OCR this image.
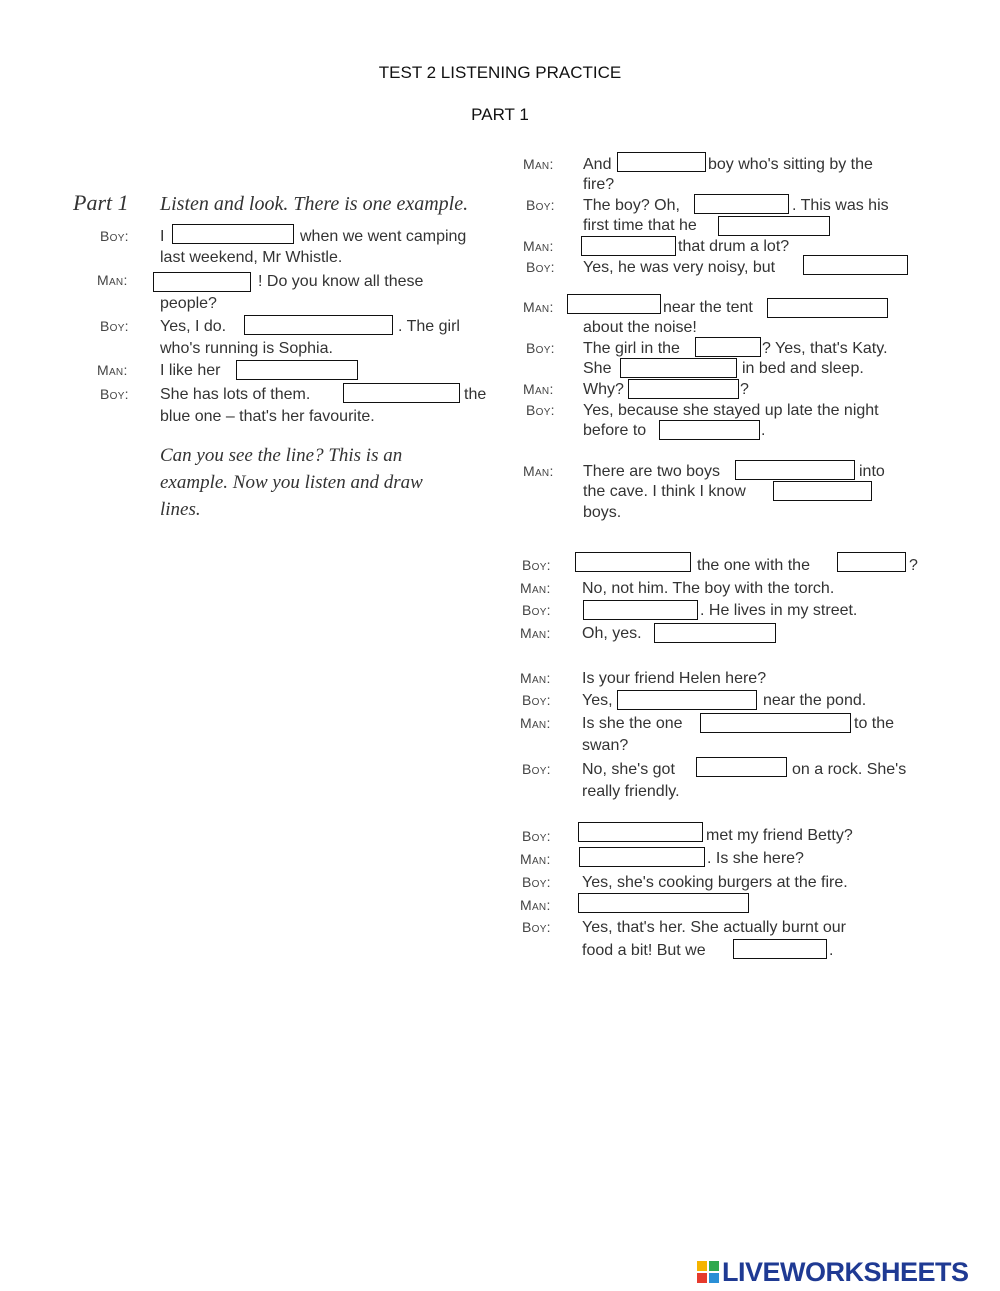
TEST 2 LISTENING PRACTICE
PART 1
Part 1 Listen and look. There is one example.
Boy: I	when we went camping
last weekend, Mr Whistle.
Man:	! Do you know all these
people?
Boy: Yes, I do.	. The girl
who's running is Sophia.
Man: I like her
Boy: She has lots of them.	the
blue one – that's her favourite.
Can you see the line? This is an
example. Now you listen and draw
lines.
Man: And	boy who's sitting by the
fire?
Boy: The boy? Oh,	. This was his
first time that he
Man:	that drum a lot?
Boy: Yes, he was very noisy, but
Man:	near the tent
about the noise!
Boy: The girl in the	? Yes, that's Katy.
She	in bed and sleep.
Man: Why?	?
Boy: Yes, because she stayed up late the night
before to	.
Man: There are two boys	into
the cave. I think I know
boys.
Boy:	the one with the	?
Man: No, not him. The boy with the torch.
Boy:	. He lives in my street.
Man: Oh, yes.
Man: Is your friend Helen here?
Boy: Yes,	near the pond.
Man: Is she the one	to the
swan?
Boy: No, she's got	on a rock. She's
really friendly.
Boy:	met my friend Betty?
Man:	. Is she here?
Boy: Yes, she's cooking burgers at the fire.
Man:
Boy: Yes, that's her. She actually burnt our
food a bit! But we	.
LIVEWORKSHEETS
